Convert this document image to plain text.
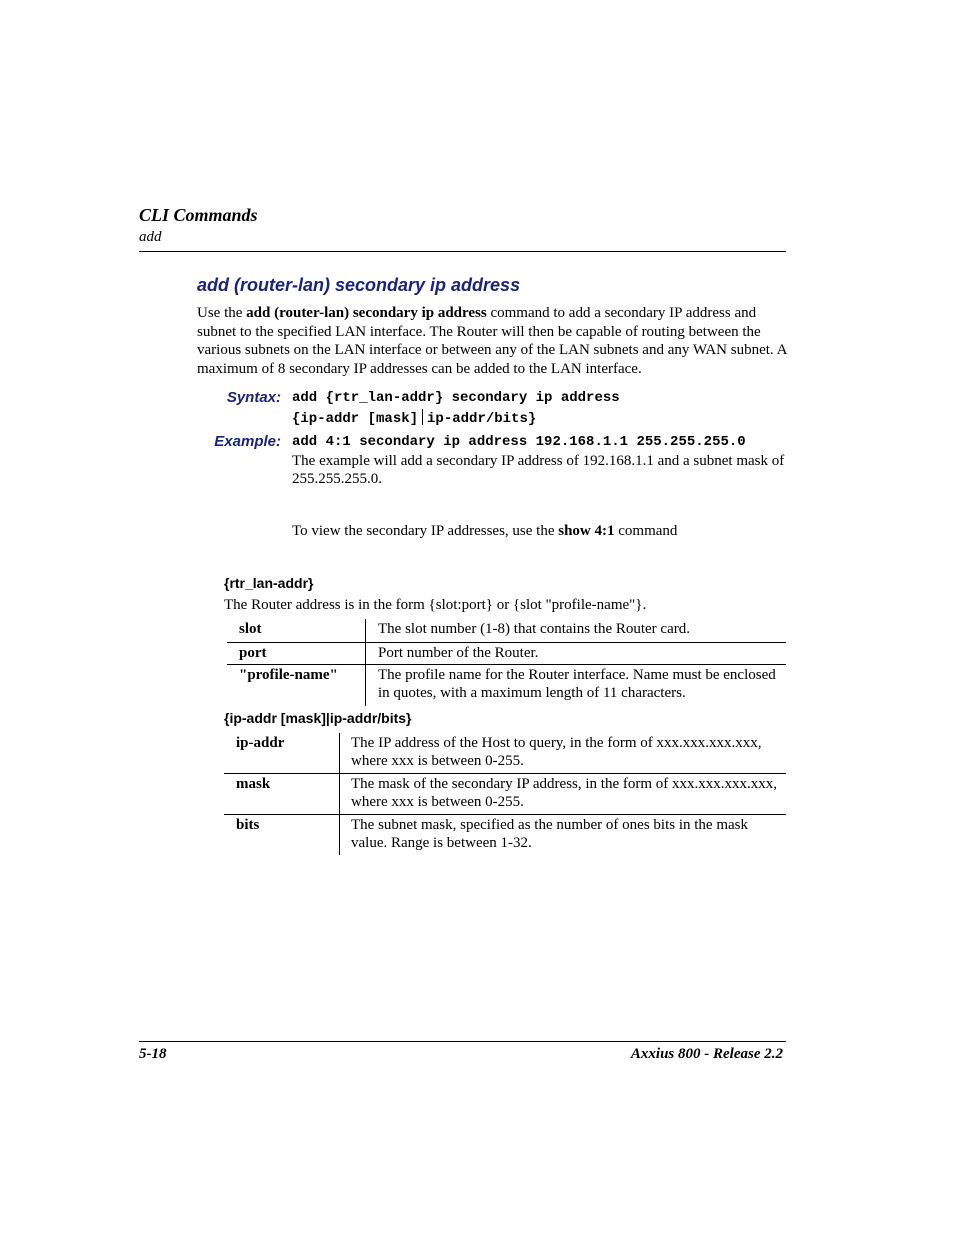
CLI Commands
add
add (router-lan) secondary ip address
Use the add (router-lan) secondary ip address command to add a secondary IP address and subnet to the specified LAN interface. The Router will then be capable of routing between the various subnets on the LAN interface or between any of the LAN subnets and any WAN subnet. A maximum of 8 secondary IP addresses can be added to the LAN interface.
Syntax: add {rtr_lan-addr} secondary ip address
{ip-addr [mask] ip-addr/bits}
Example: add 4:1 secondary ip address 192.168.1.1 255.255.255.0
The example will add a secondary IP address of 192.168.1.1 and a subnet mask of 255.255.255.0.
To view the secondary IP addresses, use the show 4:1 command
{rtr_lan-addr}
The Router address is in the form {slot:port} or {slot "profile-name"}.
slot	The slot number (1-8) that contains the Router card.
port	Port number of the Router.
"profile-name"	The profile name for the Router interface. Name must be enclosed in quotes, with a maximum length of 11 characters.
{ip-addr [mask]|ip-addr/bits}
ip-addr	The IP address of the Host to query, in the form of xxx.xxx.xxx.xxx, where xxx is between 0-255.
mask	The mask of the secondary IP address, in the form of xxx.xxx.xxx.xxx, where xxx is between 0-255.
bits	The subnet mask, specified as the number of ones bits in the mask value. Range is between 1-32.
5-18	Axxius 800 - Release 2.2
